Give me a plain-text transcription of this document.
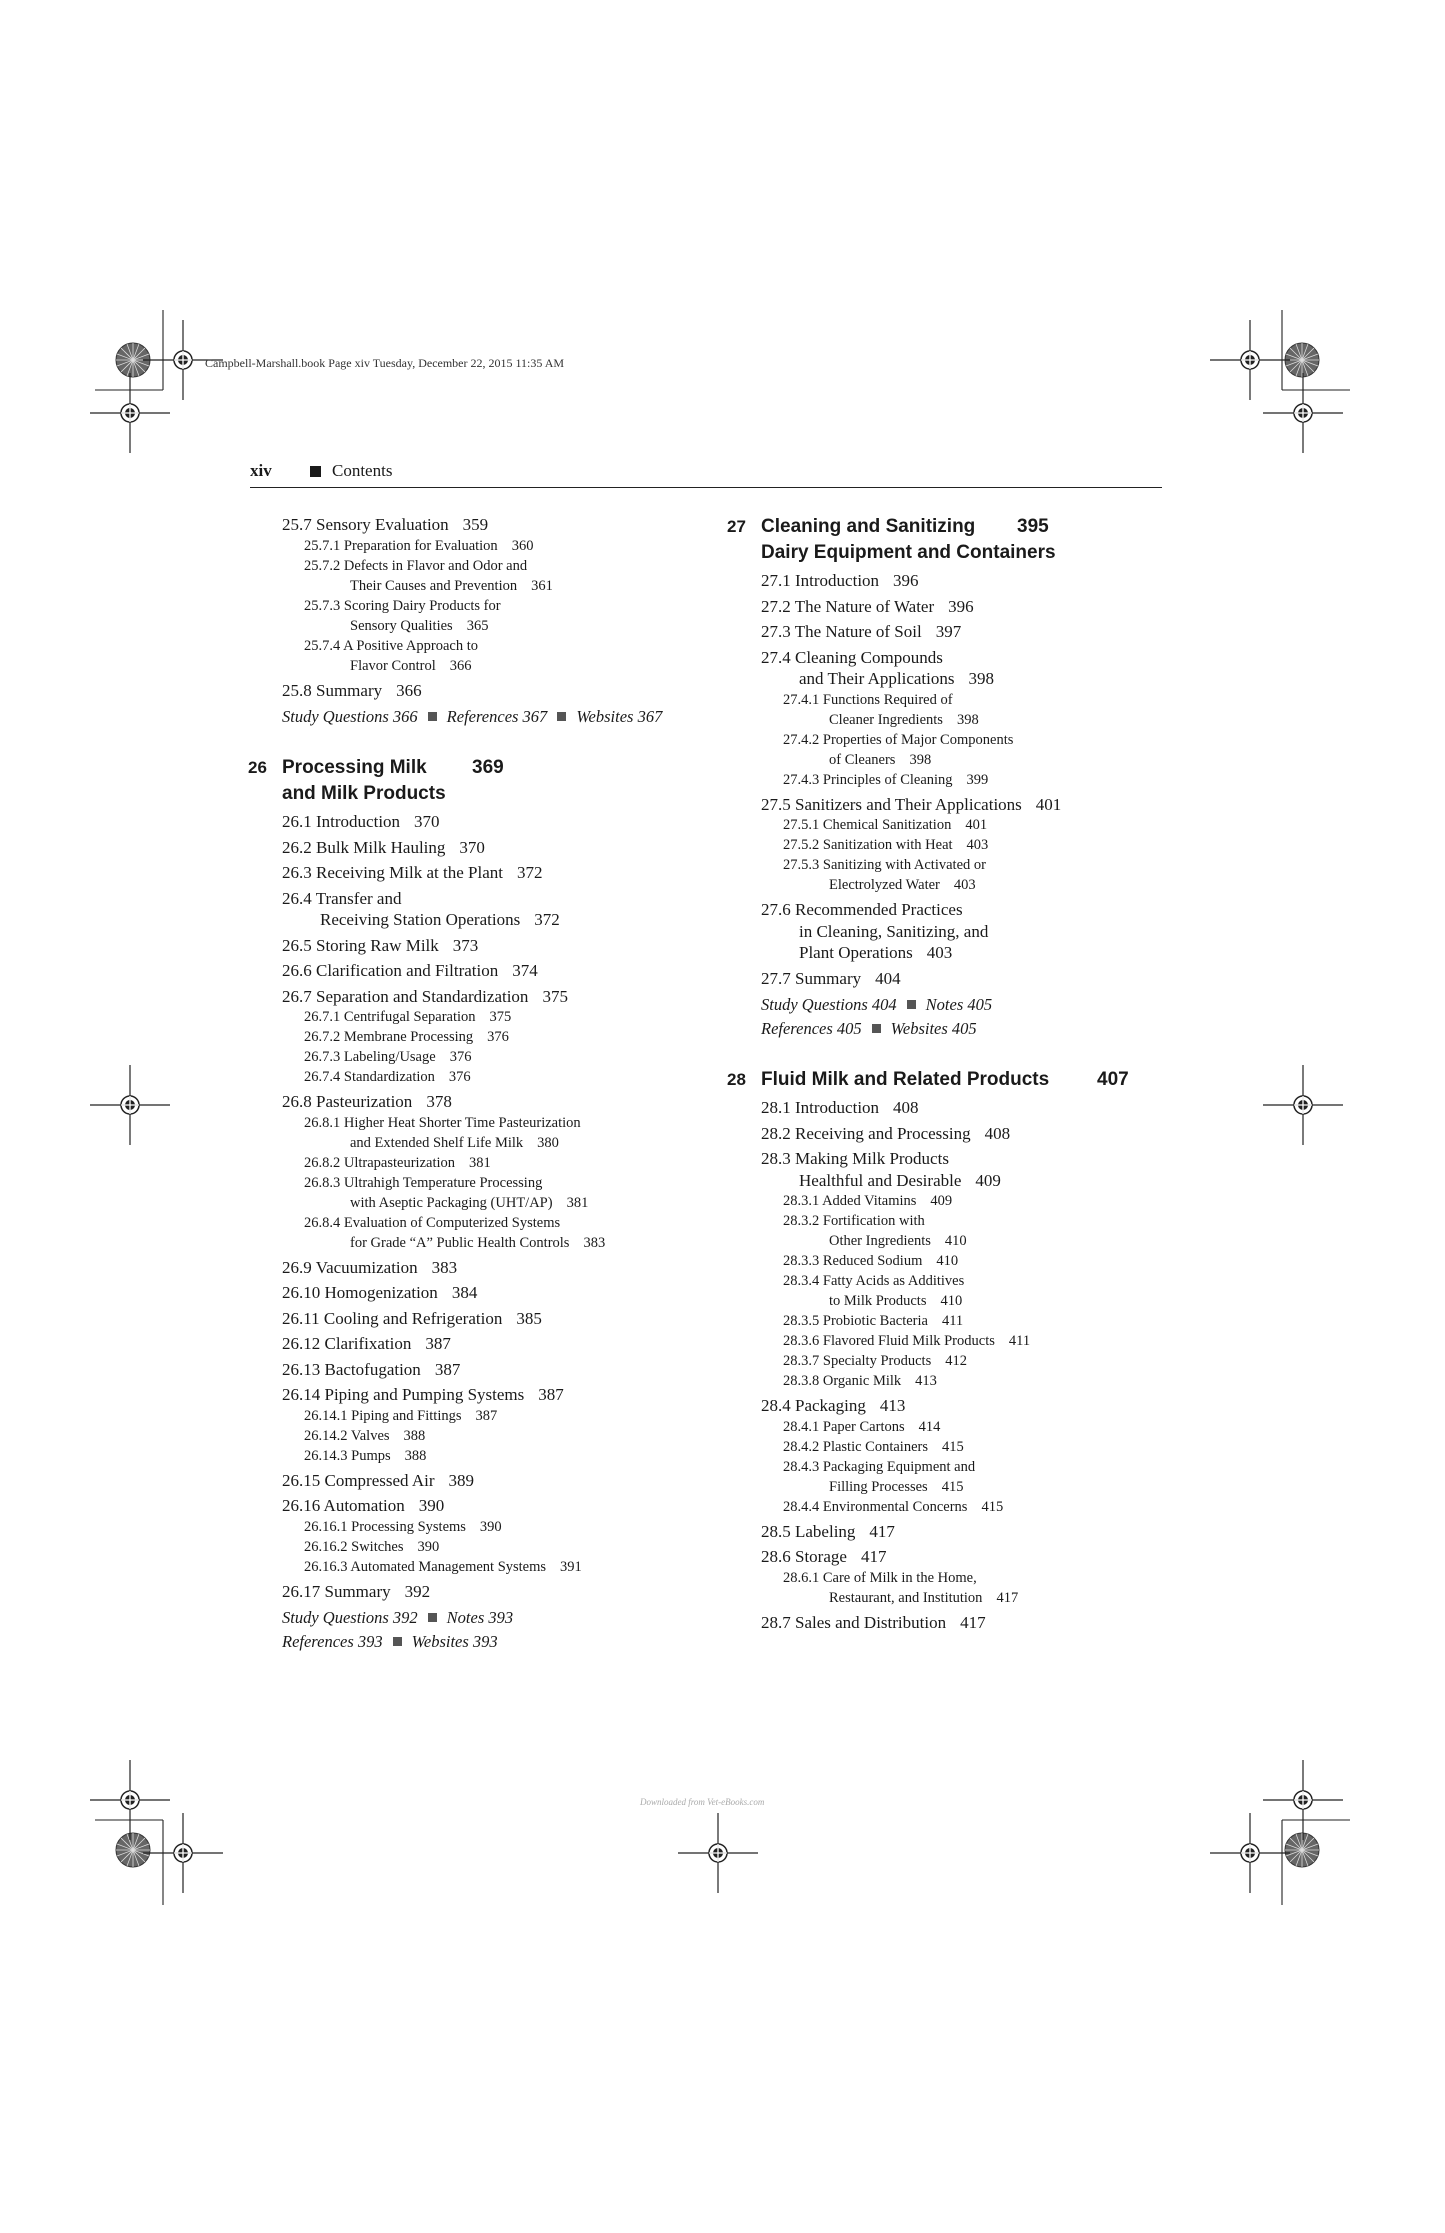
Campbell-Marshall.book Page xiv Tuesday, December 22, 2015 11:35 AM
xiv	Contents
25.7 Sensory Evaluation 359
25.7.1 Preparation for Evaluation 360
25.7.2 Defects in Flavor and Odor and
Their Causes and Prevention 361
25.7.3 Scoring Dairy Products for
Sensory Qualities 365
25.7.4 A Positive Approach to
Flavor Control 366
25.8 Summary 366
Study Questions 366 References 367 Websites 367
26 Processing Milk
and Milk Products
369
26.1 Introduction 370
26.2 Bulk Milk Hauling 370
26.3 Receiving Milk at the Plant 372
26.4 Transfer and
Receiving Station Operations 372
26.5 Storing Raw Milk 373
26.6 Clarification and Filtration 374
26.7 Separation and Standardization 375
26.7.1 Centrifugal Separation 375
26.7.2 Membrane Processing 376
26.7.3 Labeling/Usage 376
26.7.4 Standardization 376
26.8 Pasteurization 378
26.8.1 Higher Heat Shorter Time Pasteurization
and Extended Shelf Life Milk 380
26.8.2 Ultrapasteurization 381
26.8.3 Ultrahigh Temperature Processing
with Aseptic Packaging (UHT/AP) 381
26.8.4 Evaluation of Computerized Systems
for Grade “A” Public Health Controls 383
26.9 Vacuumization 383
26.10 Homogenization 384
26.11 Cooling and Refrigeration 385
26.12 Clarifixation 387
26.13 Bactofugation 387
26.14 Piping and Pumping Systems 387
26.14.1 Piping and Fittings 387
26.14.2 Valves 388
26.14.3 Pumps 388
26.15 Compressed Air 389
26.16 Automation 390
26.16.1 Processing Systems 390
26.16.2 Switches 390
26.16.3 Automated Management Systems 391
26.17 Summary 392
Study Questions 392 Notes 393
References 393 Websites 393
27 Cleaning and Sanitizing
Dairy Equipment and Containers
395
27.1 Introduction 396
27.2 The Nature of Water 396
27.3 The Nature of Soil 397
27.4 Cleaning Compounds
and Their Applications 398
27.4.1 Functions Required of
Cleaner Ingredients 398
27.4.2 Properties of Major Components
of Cleaners 398
27.4.3 Principles of Cleaning 399
27.5 Sanitizers and Their Applications 401
27.5.1 Chemical Sanitization 401
27.5.2 Sanitization with Heat 403
27.5.3 Sanitizing with Activated or
Electrolyzed Water 403
27.6 Recommended Practices
in Cleaning, Sanitizing, and
Plant Operations 403
27.7 Summary 404
Study Questions 404 Notes 405
References 405 Websites 405
28 Fluid Milk and Related Products	407
28.1 Introduction 408
28.2 Receiving and Processing 408
28.3 Making Milk Products
Healthful and Desirable 409
28.3.1 Added Vitamins 409
28.3.2 Fortification with
Other Ingredients 410
28.3.3 Reduced Sodium 410
28.3.4 Fatty Acids as Additives
to Milk Products 410
28.3.5 Probiotic Bacteria 411
28.3.6 Flavored Fluid Milk Products 411
28.3.7 Specialty Products 412
28.3.8 Organic Milk 413
28.4 Packaging 413
28.4.1 Paper Cartons 414
28.4.2 Plastic Containers 415
28.4.3 Packaging Equipment and
Filling Processes 415
28.4.4 Environmental Concerns 415
28.5 Labeling 417
28.6 Storage 417
28.6.1 Care of Milk in the Home,
Restaurant, and Institution 417
28.7 Sales and Distribution 417
Downloaded from Vet-eBooks.com
